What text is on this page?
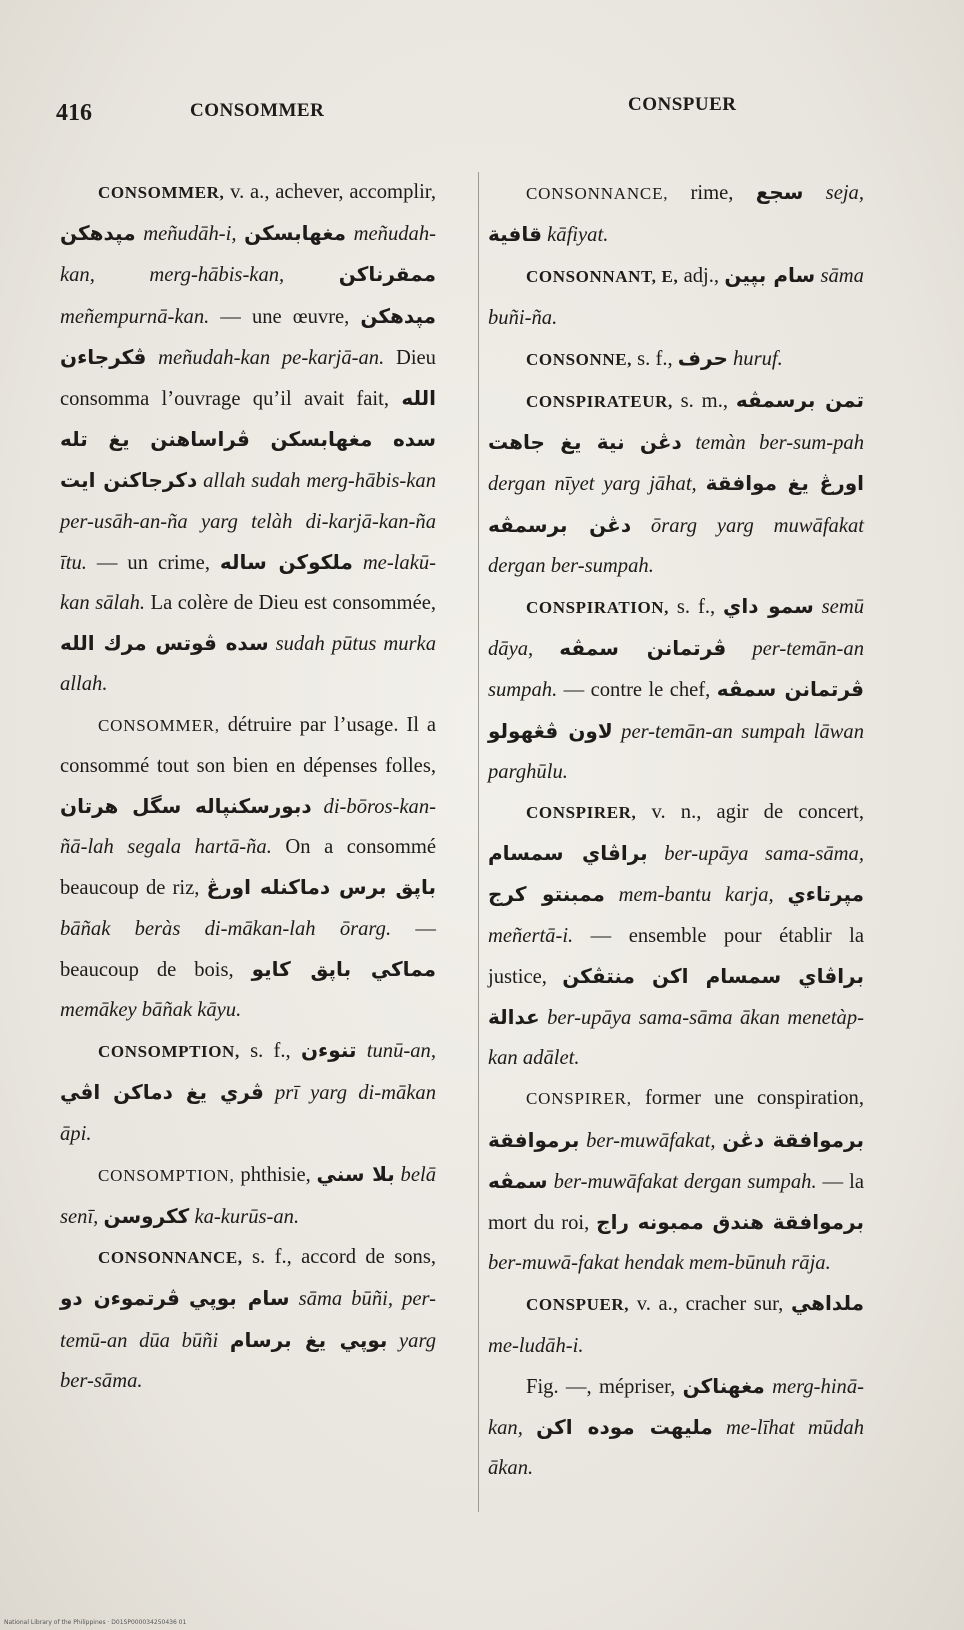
416	CONSOMMER	CONSPUER

CONSOMMER, v. a., achever, accomplir, مپدهكن meñudāh-i, مغهابسكن meñudah-kan, merg-hābis-kan, ممقرناكن meñempurnā-kan. — une œuvre, مپدهكن ڤكرجاءن meñudah-kan pe-karjā-an. Dieu consomma l’ouvrage qu’il avait fait, الله سده مغهابسكن ڤراساهنن يغ تله دكرجاكنن ايت allah sudah merg-hābis-kan per-usāh-an-ña yarg telàh di-karjā-kan-ña ītu. — un crime, ملكوكن ساله me-lakū-kan sālah. La colère de Dieu est consommée, سده ڤوتس مرك الله sudah pūtus murka allah.

CONSOMMER, détruire par l’usage. Il a consommé tout son bien en dépenses folles, دبورسكنپاله سگل هرتان di-bōros-kan-ñā-lah segala hartā-ña. On a consommé beaucoup de riz, باپق برس دماكنله اورڠ bāñak beràs di-mākan-lah ōrarg. — beaucoup de bois, مماكي باپق كايو memākey bāñak kāyu.

CONSOMPTION, s. f., تنوءن tunū-an, ڤري يغ دماكن اڤي prī yarg di-mākan āpi.

CONSOMPTION, phthisie, بلا سني belā senī, ككروسن ka-kurūs-an.

CONSONNANCE, s. f., accord de sons, ڤرتموءن دو سام بوپي sāma būñi, per-temū-an dūa būñi بوپي يغ برسام yarg ber-sāma.

CONSONNANCE, rime, سجع seja, قافية kāfiyat.

CONSONNANT, E, adj., سام بپين sāma buñi-ña.

CONSONNE, s. f., حرف huruf.

CONSPIRATEUR, s. m., تمن برسمڤه دڠن نية يغ جاهت temàn ber-sum-pah dergan nīyet yarg jāhat, اورڠ يغ موافقة دڠن برسمڤه ōrarg yarg muwāfakat dergan ber-sumpah.

CONSPIRATION, s. f., سمو داي semū dāya, ڤرتمانن سمڤه per-temān-an sumpah. — contre le chef, ڤرتمانن سمڤه لاون ڤڠهولو per-temān-an sumpah lāwan parghūlu.

CONSPIRER, v. n., agir de concert, براڤاي سمسام ber-upāya sama-sāma, ممبنتو كرج mem-bantu karja, مپرتاءي meñertā-i. — ensemble pour établir la justice, براڤاي سمسام اكن منتڤكن عدالة ber-upāya sama-sāma ākan menetàp-kan adālet.

CONSPIRER, former une conspiration, برموافقة ber-muwāfakat, برموافقة دڠن سمڤه ber-muwāfakat dergan sumpah. — la mort du roi, برموافقة هندق ممبونه راج ber-muwā-fakat hendak mem-būnuh rāja.

CONSPUER, v. a., cracher sur, ملداهي me-ludāh-i.

Fig. —, mépriser, مغهناكن merg-hinā-kan, مليهت موده اكن me-līhat mūdah ākan.

National Library of the Philippines · D01SP000034250436 01
